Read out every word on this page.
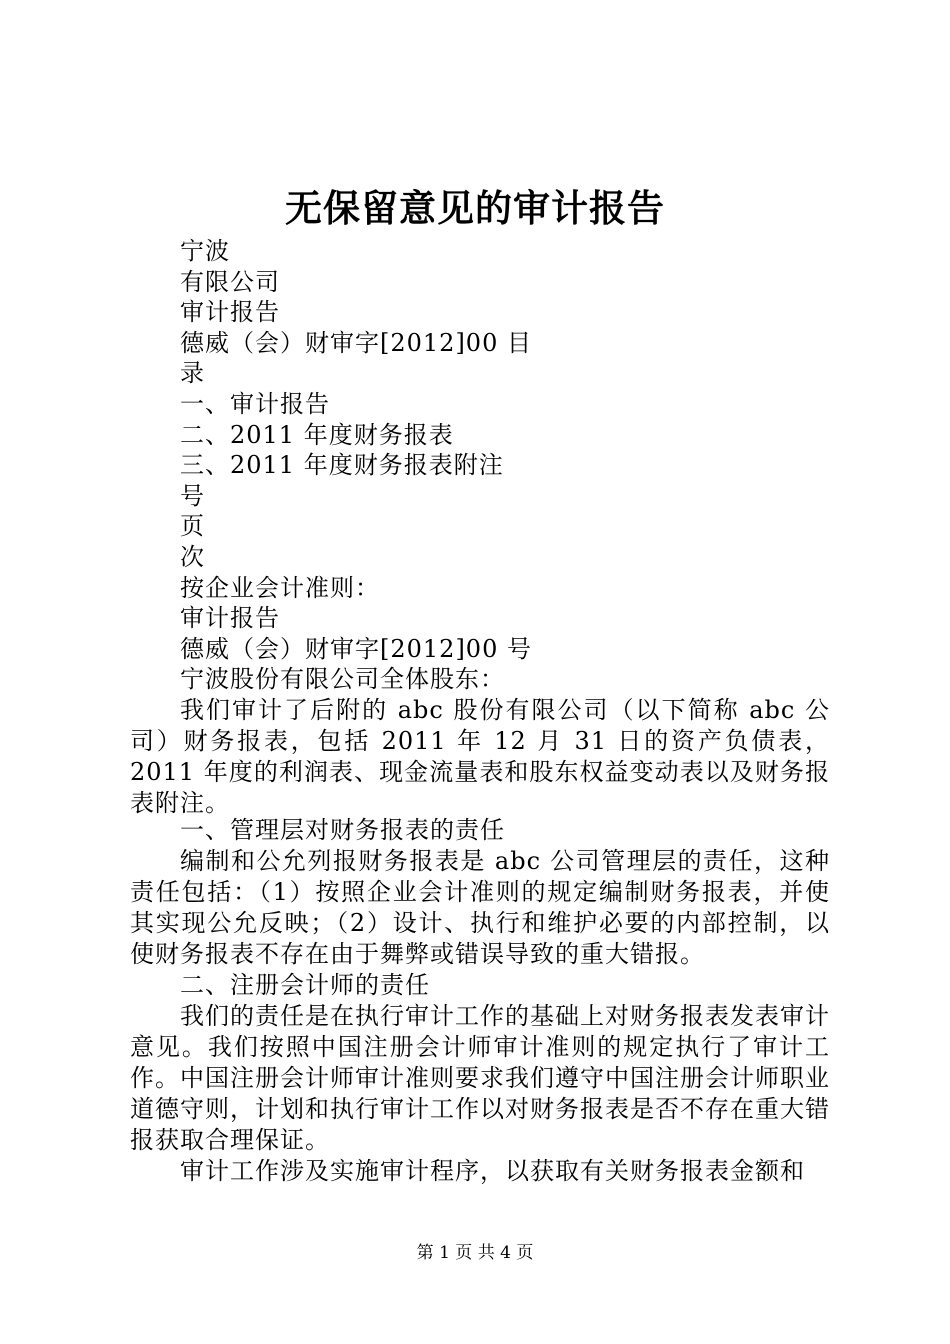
无保留意见的审计报告
宁波
有限公司
审计报告
德威（会）财审字[2012]00 目
录
一、审计报告
二、2011 年度财务报表
三、2011 年度财务报表附注
号
页
次
按企业会计准则：
审计报告
德威（会）财审字[2012]00 号
宁波股份有限公司全体股东：

我们审计了后附的 abc 股份有限公司（以下简称 abc 公司）财务报表，包括 2011 年 12 月 31 日的资产负债表，2011 年度的利润表、现金流量表和股东权益变动表以及财务报表附注。

一、管理层对财务报表的责任

编制和公允列报财务报表是 abc 公司管理层的责任，这种责任包括：（1）按照企业会计准则的规定编制财务报表，并使其实现公允反映；（2）设计、执行和维护必要的内部控制，以使财务报表不存在由于舞弊或错误导致的重大错报。

二、注册会计师的责任

我们的责任是在执行审计工作的基础上对财务报表发表审计意见。我们按照中国注册会计师审计准则的规定执行了审计工作。中国注册会计师审计准则要求我们遵守中国注册会计师职业道德守则，计划和执行审计工作以对财务报表是否不存在重大错报获取合理保证。

审计工作涉及实施审计程序，以获取有关财务报表金额和

第 1 页 共 4 页
